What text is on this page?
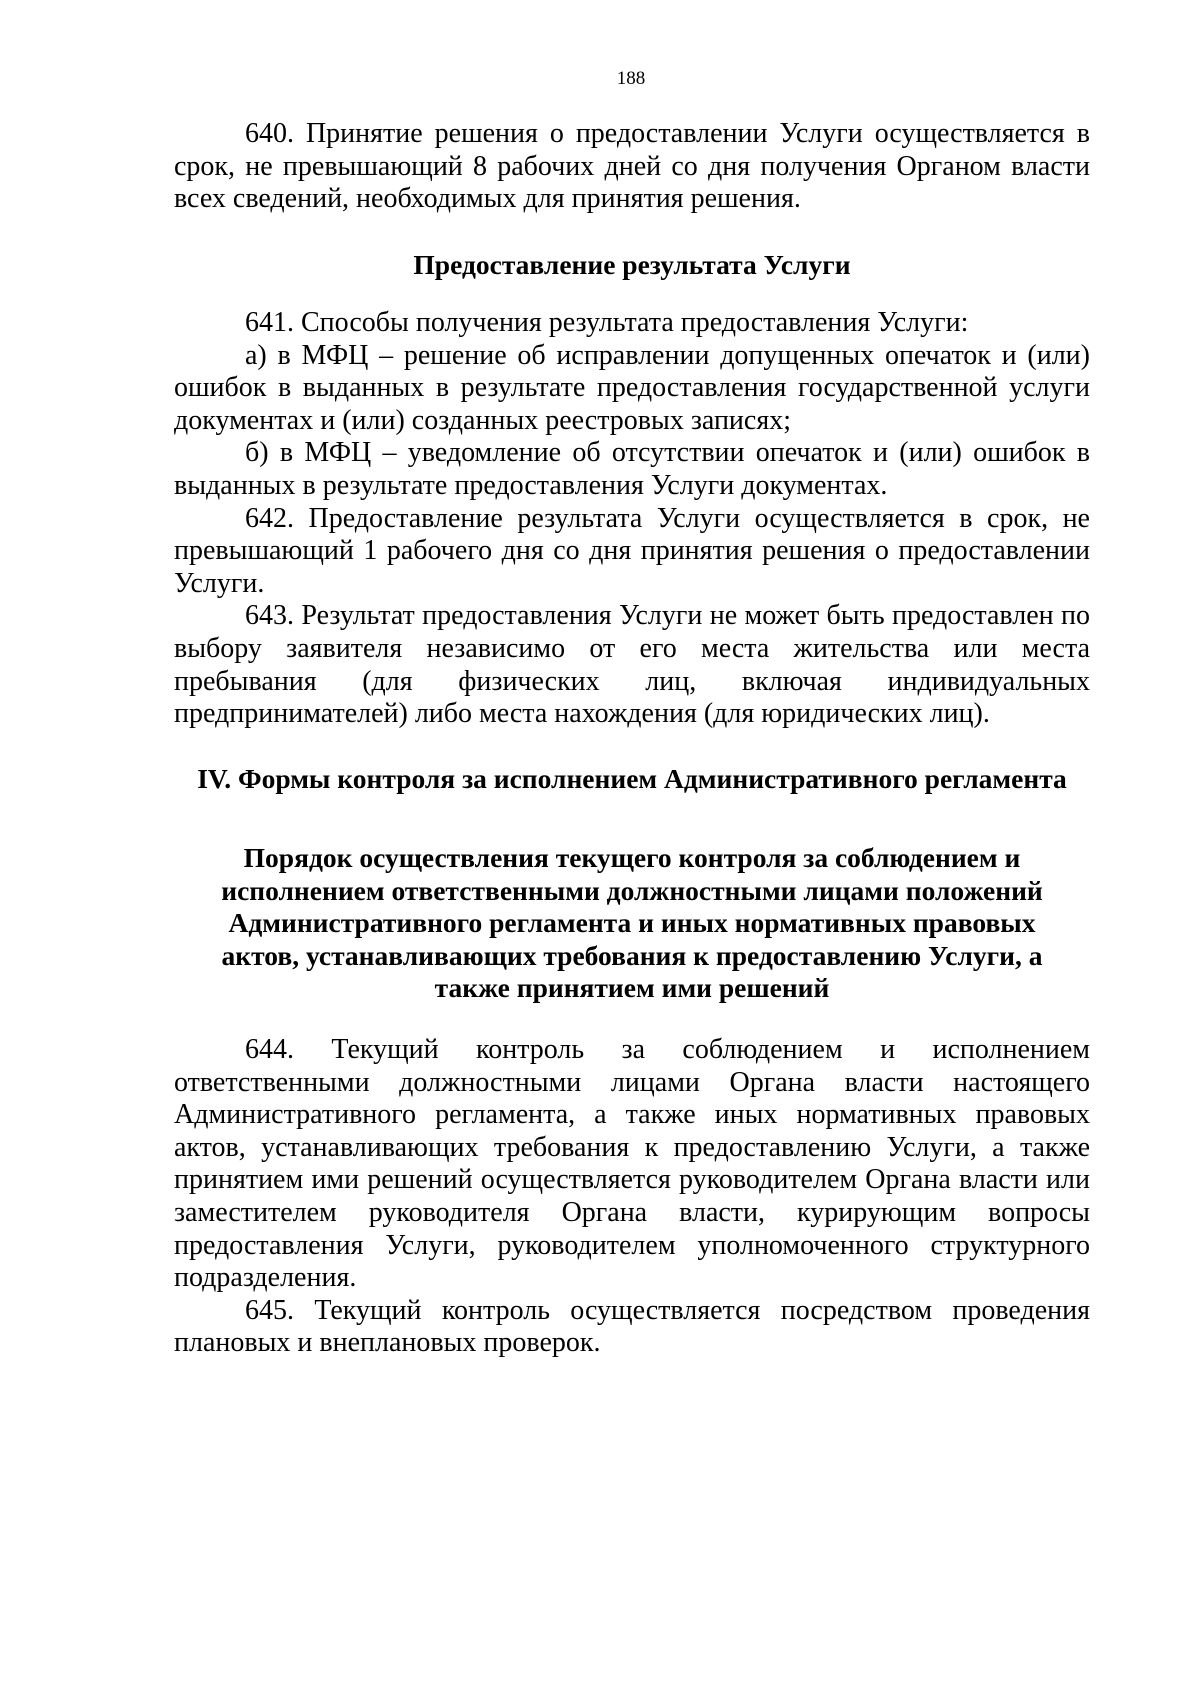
188

640. Принятие решения о предоставлении Услуги осуществляется в срок, не превышающий 8 рабочих дней со дня получения Органом власти всех сведений, необходимых для принятия решения.

Предоставление результата Услуги

641. Способы получения результата предоставления Услуги:

а) в МФЦ – решение об исправлении допущенных опечаток и (или) ошибок в выданных в результате предоставления государственной услуги документах и (или) созданных реестровых записях;

б) в МФЦ – уведомление об отсутствии опечаток и (или) ошибок в выданных в результате предоставления Услуги документах.

642. Предоставление результата Услуги осуществляется в срок, не превышающий 1 рабочего дня со дня принятия решения о предоставлении Услуги.

643. Результат предоставления Услуги не может быть предоставлен по выбору заявителя независимо от его места жительства или места пребывания (для физических лиц, включая индивидуальных предпринимателей) либо места нахождения (для юридических лиц).

IV. Формы контроля за исполнением Административного регламента

Порядок осуществления текущего контроля за соблюдением и

исполнением ответственными должностными лицами положений

Административного регламента и иных нормативных правовых

актов, устанавливающих требования к предоставлению Услуги, а

также принятием ими решений

644. Текущий контроль за соблюдением и исполнением ответственными должностными лицами Органа власти настоящего Административного регламента, а также иных нормативных правовых актов, устанавливающих требования к предоставлению Услуги, а также принятием ими решений осуществляется руководителем Органа власти или заместителем руководителя Органа власти, курирующим вопросы предоставления Услуги, руководителем уполномоченного структурного подразделения.

645. Текущий контроль осуществляется посредством проведения плановых и внеплановых проверок.
